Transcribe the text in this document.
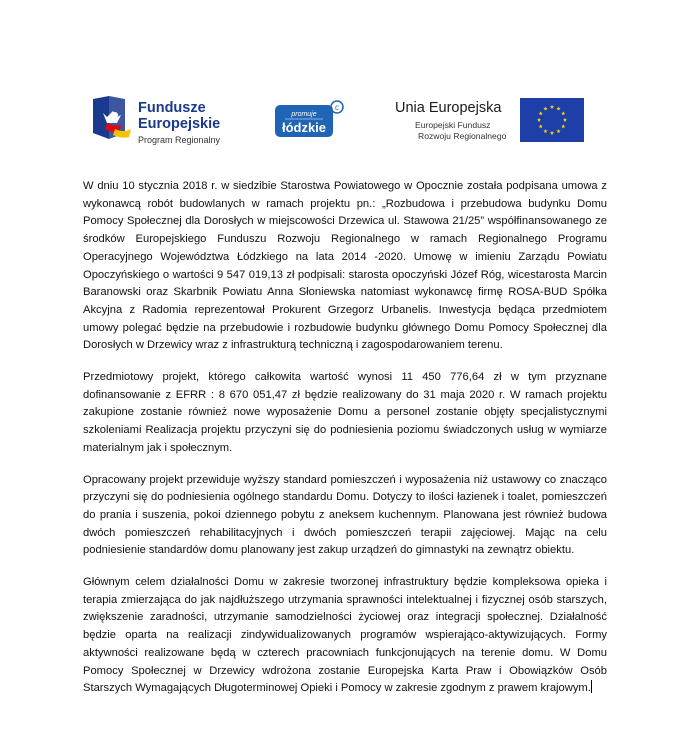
Fundusze
Europejskie
Program Regionalny
c
promuje
łódzkie
Unia Europejska
Europejski Fundusz
Rozwoju Regionalnego

W dniu 10 stycznia 2018 r. w siedzibie Starostwa Powiatowego w Opocznie została podpisana umowa z wykonawcą robót budowlanych w ramach projektu pn.: „Rozbudowa i przebudowa budynku Domu Pomocy Społecznej dla Dorosłych w miejscowości Drzewica ul. Stawowa 21/25” współfinansowanego ze środków Europejskiego Funduszu Rozwoju Regionalnego w ramach Regionalnego Programu Operacyjnego Województwa Łódzkiego na lata 2014 -2020. Umowę w imieniu Zarządu Powiatu Opoczyńskiego o wartości 9 547 019,13 zł podpisali: starosta opoczyński Józef Róg, wicestarosta Marcin Baranowski oraz Skarbnik Powiatu Anna Słoniewska natomiast wykonawcę firmę ROSA-BUD Spółka Akcyjna z Radomia reprezentował Prokurent Grzegorz Urbanelis. Inwestycja będąca przedmiotem umowy polegać będzie na przebudowie i rozbudowie budynku głównego Domu Pomocy Społecznej dla Dorosłych w Drzewicy wraz z infrastrukturą techniczną i zagospodarowaniem terenu.

Przedmiotowy projekt, którego całkowita wartość wynosi 11 450 776,64 zł w tym przyznane dofinansowanie z EFRR : 8 670 051,47 zł będzie realizowany do 31 maja 2020 r. W ramach projektu zakupione zostanie również nowe wyposażenie Domu a personel zostanie objęty specjalistycznymi szkoleniami Realizacja projektu przyczyni się do podniesienia poziomu świadczonych usług w wymiarze materialnym jak i społecznym.

Opracowany projekt przewiduje wyższy standard pomieszczeń i wyposażenia niż ustawowy co znacząco przyczyni się do podniesienia ogólnego standardu Domu. Dotyczy to ilości łazienek i toalet, pomieszczeń do prania i suszenia, pokoi dziennego pobytu z aneksem kuchennym. Planowana jest również budowa dwóch pomieszczeń rehabilitacyjnych i dwóch pomieszczeń terapii zajęciowej. Mając na celu podniesienie standardów domu planowany jest zakup urządzeń do gimnastyki na zewnątrz obiektu.

Głównym celem działalności Domu w zakresie tworzonej infrastruktury będzie kompleksowa opieka i terapia zmierzająca do jak najdłuższego utrzymania sprawności intelektualnej i fizycznej osób starszych, zwiększenie zaradności, utrzymanie samodzielności życiowej oraz integracji społecznej. Działalność będzie oparta na realizacji zindywidualizowanych programów wspierająco-aktywizujących. Formy aktywności realizowane będą w czterech pracowniach funkcjonujących na terenie domu. W Domu Pomocy Społecznej w Drzewicy wdrożona zostanie Europejska Karta Praw i Obowiązków Osób Starszych Wymagających Długoterminowej Opieki i Pomocy w zakresie zgodnym z prawem krajowym.
